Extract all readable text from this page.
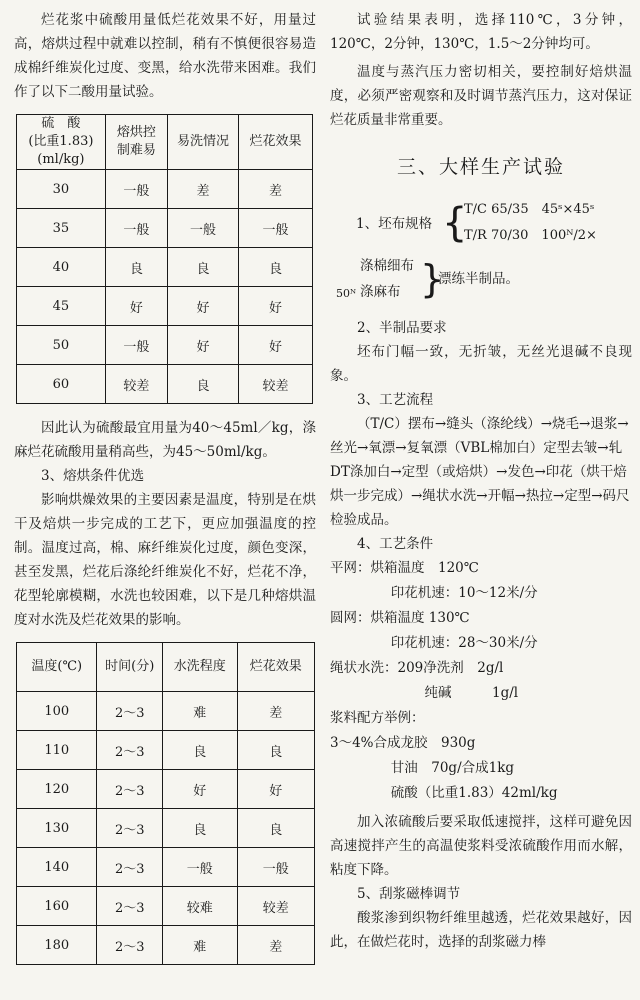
烂花浆中硫酸用量低烂花效果不好，用量过高，熔烘过程中就难以控制，稍有不慎便很容易造成棉纤维炭化过度、变黑，给水洗带来困难。我们作了以下二酸用量试验。

硫　酸
(比重1.83)
(ml/kg)	熔烘控
制难易	易洗情况	烂花效果
30	一般	差	差
35	一般	一般	一般
40	良	良	良
45	好	好	好
50	一般	好	好
60	较差	良	较差

因此认为硫酸最宜用量为40～45ml／kg，涤麻烂花硫酸用量稍高些，为45～50ml/kg。

3、熔烘条件优选

影响烘燥效果的主要因素是温度，特别是在烘干及焙烘一步完成的工艺下，更应加强温度的控制。温度过高，棉、麻纤维炭化过度，颜色变深，甚至发黑，烂花后涤纶纤维炭化不好，烂花不净，花型轮廓模糊，水洗也较困难，以下是几种熔烘温度对水洗及烂花效果的影响。

温度(℃)	时间(分)	水洗程度	烂花效果
100	2～3	难	差
110	2～3	良	良
120	2～3	好	好
130	2～3	良	良
140	2～3	一般	一般
160	2～3	较难	较差
180	2～3	难	差

试验结果表明，选择110℃，3分钟，120℃，2分钟，130℃，1.5～2分钟均可。

温度与蒸汽压力密切相关，要控制好焙烘温度，必须严密观察和及时调节蒸汽压力，这对保证烂花质量非常重要。

三、大样生产试验
1、坯布规格 {
T/C 65/35　45ˢ×45ˢ
T/R 70/30　100ᴺ/2×
涤棉细布
50ᴺ 涤麻布 }
漂练半制品。

2、半制品要求

坯布门幅一致，无折皱，无丝光退碱不良现象。

3、工艺流程

（T/C）摆布→缝头（涤纶线）→烧毛→退浆→丝光→氧漂→复氧漂（VBL棉加白）定型去皱→轧DT涤加白→定型（或焙烘）→发色→印花（烘干焙烘一步完成）→绳状水洗→开幅→热拉→定型→码尺检验成品。

4、工艺条件

平网：烘箱温度　120℃
印花机速：10～12米/分
圆网：烘箱温度 130℃
印花机速：28～30米/分
绳状水洗：209净洗剂　2g/l
纯碱　　　1g/l
浆料配方举例：
3～4%合成龙胶　930g
甘油　70g/合成1kg
硫酸（比重1.83）42ml/kg

加入浓硫酸后要采取低速搅拌，这样可避免因高速搅拌产生的高温使浆料受浓硫酸作用而水解，粘度下降。

5、刮浆磁棒调节

酸浆渗到织物纤维里越透，烂花效果越好，因此，在做烂花时，选择的刮浆磁力棒
